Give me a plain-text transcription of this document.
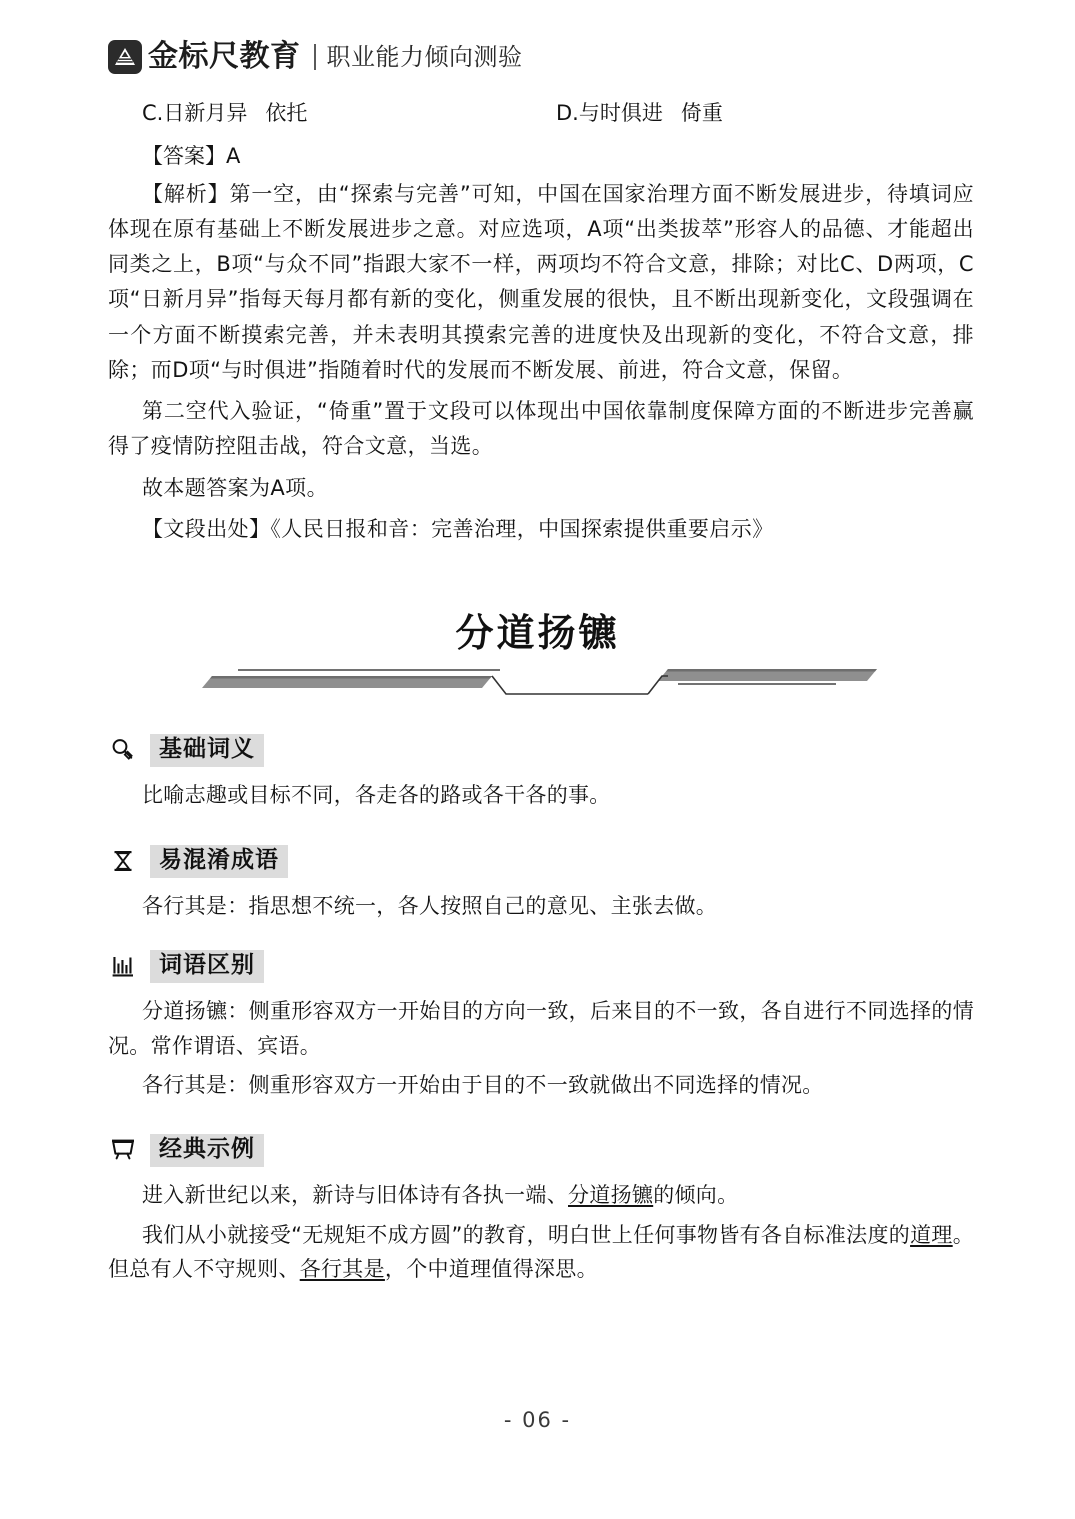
金标尺教育 职业能力倾向测验
C.日新月异 依托	D.与时俱进 倚重

【答案】A

【解析】第一空，由“探索与完善”可知，中国在国家治理方面不断发展进步，待填词应体现在原有基础上不断发展进步之意。对应选项，A项“出类拔萃”形容人的品德、才能超出同类之上，B项“与众不同”指跟大家不一样，两项均不符合文意，排除；对比C、D两项，C项“日新月异”指每天每月都有新的变化，侧重发展的很快，且不断出现新变化，文段强调在一个方面不断摸索完善，并未表明其摸索完善的进度快及出现新的变化，不符合文意，排除；而D项“与时俱进”指随着时代的发展而不断发展、前进，符合文意，保留。

第二空代入验证，“倚重”置于文段可以体现出中国依靠制度保障方面的不断进步完善赢得了疫情防控阻击战，符合文意，当选。

故本题答案为A项。

【文段出处】《人民日报和音：完善治理，中国探索提供重要启示》

分道扬镳
基础词义

比喻志趣或目标不同，各走各的路或各干各的事。

易混淆成语

各行其是：指思想不统一，各人按照自己的意见、主张去做。

词语区别

分道扬镳：侧重形容双方一开始目的方向一致，后来目的不一致，各自进行不同选择的情况。常作谓语、宾语。

各行其是：侧重形容双方一开始由于目的不一致就做出不同选择的情况。

经典示例

进入新世纪以来，新诗与旧体诗有各执一端、分道扬镳的倾向。

我们从小就接受“无规矩不成方圆”的教育，明白世上任何事物皆有各自标准法度的道理。但总有人不守规则、各行其是，个中道理值得深思。

- 06 -
